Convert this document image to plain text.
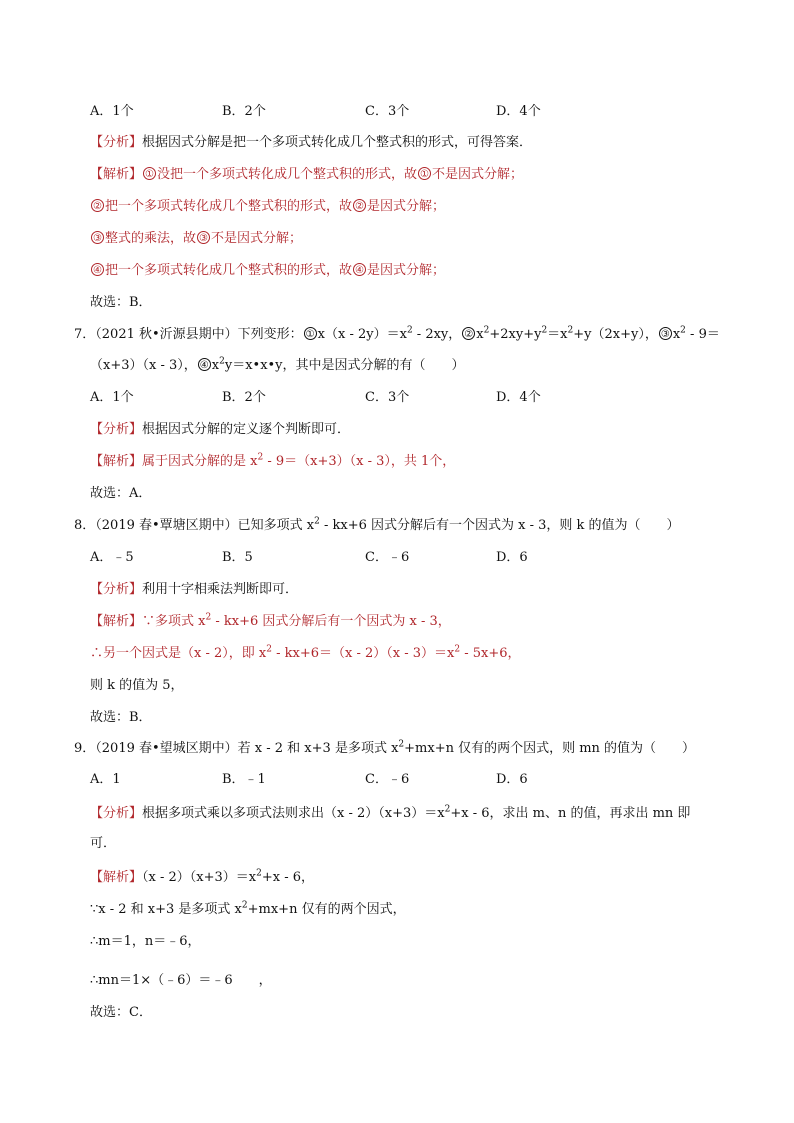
A．1个	B．2个	C．3个	D．4个
【分析】根据因式分解是把一个多项式转化成几个整式积的形式，可得答案．
【解析】 ① 没把一个多项式转化成几个整式积的形式，故 ① 不是因式分解；
② 把一个多项式转化成几个整式积的形式，故 ② 是因式分解；
③ 整式的乘法，故 ③ 不是因式分解；
④ 把一个多项式转化成几个整式积的形式，故 ④ 是因式分解；
故选：B．
7．（2021 秋•沂源县期中）下列变形： ① $x(x - 2y)=x^2 - 2xy$， ② $x^2+2xy+y^2=x^2+y(2x+y)$， ③ $x^2 - 9=$
（x+3）（x - 3）， ④ $x^2y=x•x•y$，其中是因式分解的有（　　）
A．1个	B．2个	C．3个	D．4个
【分析】根据因式分解的定义逐个判断即可．
【解析】属于因式分解的是 $x^2 - 9=(x+3)(x - 3)$，共 1个，
故选：A．
8．（2019 春•覃塘区期中）已知多项式 $x^2 - kx+6$ 因式分解后有一个因式为 x - 3，则 k 的值为（　　）
A．﹣5	B．5	C．﹣6	D．6
【分析】利用十字相乘法判断即可．
【解析】∵多项式 $x^2 - kx+6$ 因式分解后有一个因式为 x - 3，
∴另一个因式是（x - 2），即 $x^2 - kx+6=(x - 2)(x - 3)=x^2 - 5x+6$，
则 k 的值为 5，
故选：B．
9．（2019 春•望城区期中）若 x - 2 和 x+3 是多项式 $x^2+mx+n$ 仅有的两个因式，则 mn 的值为（　　）
A．1	B．﹣1	C．﹣6	D．6
【分析】根据多项式乘以多项式法则求出$(x - 2)(x+3)=x^2+x - 6$，求出 m、n 的值，再求出 mn 即
可．
【解析】$(x - 2)(x+3)=x^2+x - 6$，
∵x - 2 和 x+3 是多项式 $x^2+mx+n$ 仅有的两个因式，
∴m＝1，n＝﹣6，
∴mn＝1×（﹣6）＝﹣6　　，
故选：C．
